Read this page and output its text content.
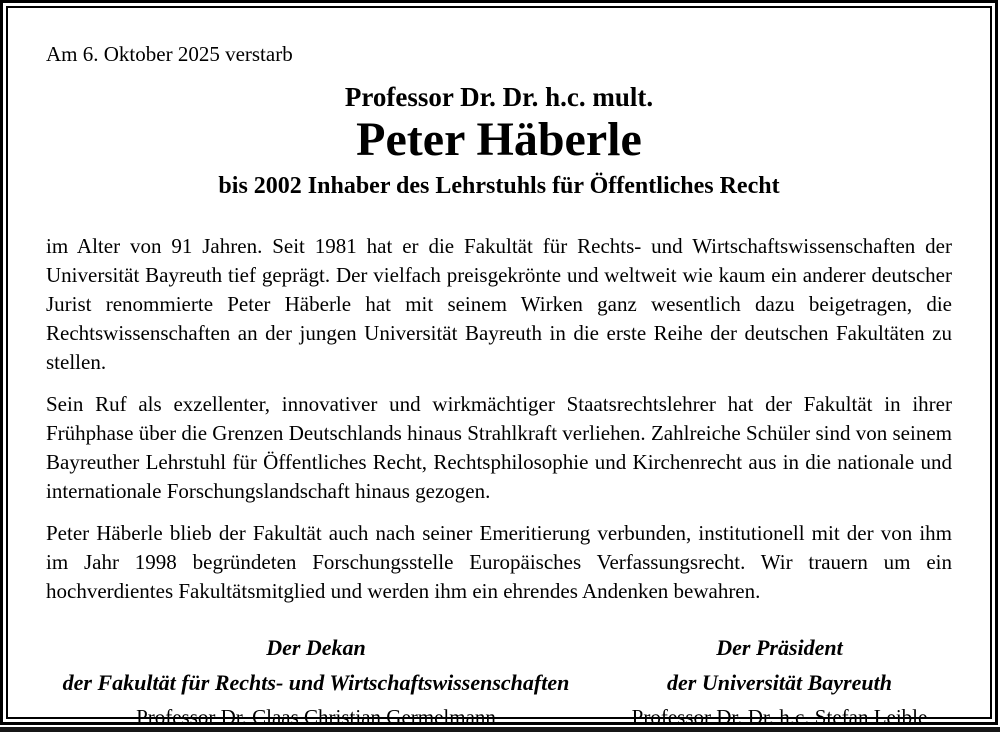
Am 6. Oktober 2025 verstarb
Professor Dr. Dr. h.c. mult.
Peter Häberle
bis 2002 Inhaber des Lehrstuhls für Öffentliches Recht

im Alter von 91 Jahren. Seit 1981 hat er die Fakultät für Rechts- und Wirtschaftswissenschaften der Universität Bayreuth tief geprägt. Der vielfach preisgekrönte und weltweit wie kaum ein anderer deutscher Jurist renommierte Peter Häberle hat mit seinem Wirken ganz wesentlich dazu beigetragen, die Rechtswissenschaften an der jungen Universität Bayreuth in die erste Reihe der deutschen Fakultäten zu stellen.

Sein Ruf als exzellenter, innovativer und wirkmächtiger Staatsrechtslehrer hat der Fakultät in ihrer Frühphase über die Grenzen Deutschlands hinaus Strahlkraft verliehen. Zahlreiche Schüler sind von seinem Bayreuther Lehrstuhl für Öffentliches Recht, Rechtsphilosophie und Kirchenrecht aus in die nationale und internationale Forschungslandschaft hinaus gezogen.

Peter Häberle blieb der Fakultät auch nach seiner Emeritierung verbunden, institutionell mit der von ihm im Jahr 1998 begründeten Forschungsstelle Europäisches Verfassungsrecht. Wir trauern um ein hochverdientes Fakultätsmitglied und werden ihm ein ehrendes Andenken bewahren.

Der Dekan
der Fakultät für Rechts- und Wirtschaftswissenschaften
Professor Dr. Claas Christian Germelmann
Der Präsident
der Universität Bayreuth
Professor Dr. Dr. h.c. Stefan Leible
